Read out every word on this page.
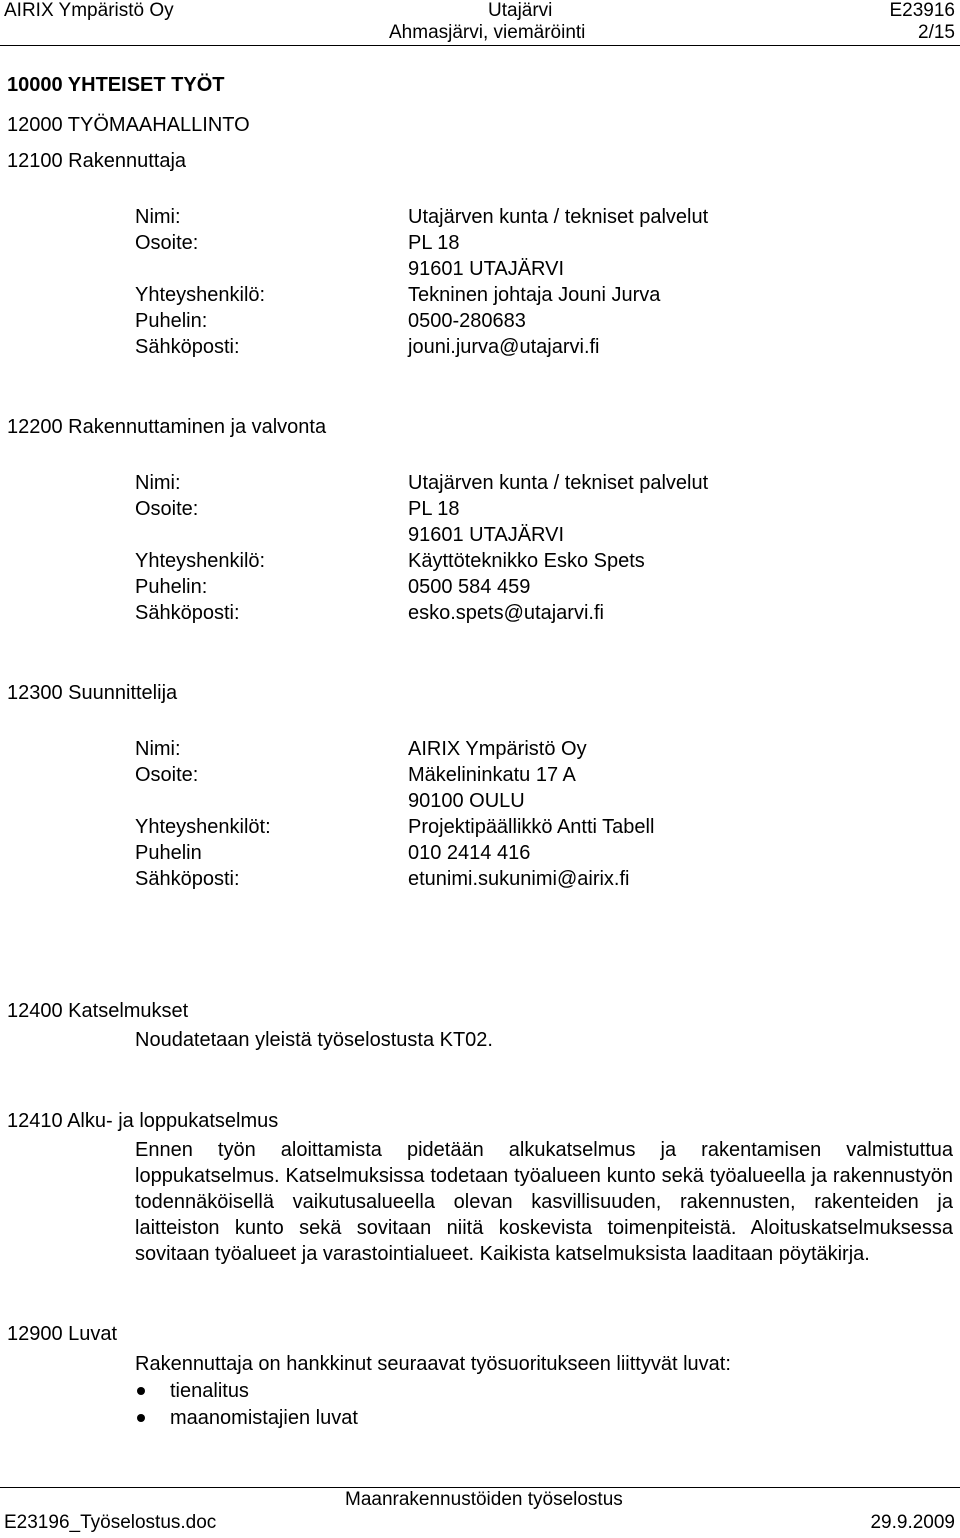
AIRIX Ympäristö Oy	Utajärvi	E23916
Ahmasjärvi, viemäröinti	2/15
10000 YHTEISET TYÖT
12000 TYÖMAAHALLINTO
12100 Rakennuttaja
Nimi:	Utajärven kunta / tekniset palvelut
Osoite:	PL 18
91601 UTAJÄRVI
Yhteyshenkilö:	Tekninen johtaja Jouni Jurva
Puhelin:	0500-280683
Sähköposti:	jouni.jurva@utajarvi.fi
12200 Rakennuttaminen ja valvonta
Nimi:	Utajärven kunta / tekniset palvelut
Osoite:	PL 18
91601 UTAJÄRVI
Yhteyshenkilö:	Käyttöteknikko Esko Spets
Puhelin:	0500 584 459
Sähköposti:	esko.spets@utajarvi.fi
12300 Suunnittelija
Nimi:	AIRIX Ympäristö Oy
Osoite:	Mäkelininkatu 17 A
90100 OULU
Yhteyshenkilöt:	Projektipäällikkö Antti Tabell
Puhelin	010 2414 416
Sähköposti:	etunimi.sukunimi@airix.fi
12400 Katselmukset
Noudatetaan yleistä työselostusta KT02.
12410 Alku- ja loppukatselmus
Ennen työn aloittamista pidetään alkukatselmus ja rakentamisen valmistuttua loppukatselmus. Katselmuksissa todetaan työalueen kunto sekä työalueella ja rakennustyön todennäköisellä vaikutusalueella olevan kasvillisuuden, rakennusten, rakenteiden ja laitteiston kunto sekä sovitaan niitä koskevista toimenpiteistä. Aloituskatselmuksessa sovitaan työalueet ja varastointialueet. Kaikista katselmuksista laaditaan pöytäkirja.
12900 Luvat
Rakennuttaja on hankkinut seuraavat työsuoritukseen liittyvät luvat:
tienalitus
maanomistajien luvat
Maanrakennustöiden työselostus
E23196_Työselostus.doc	29.9.2009
